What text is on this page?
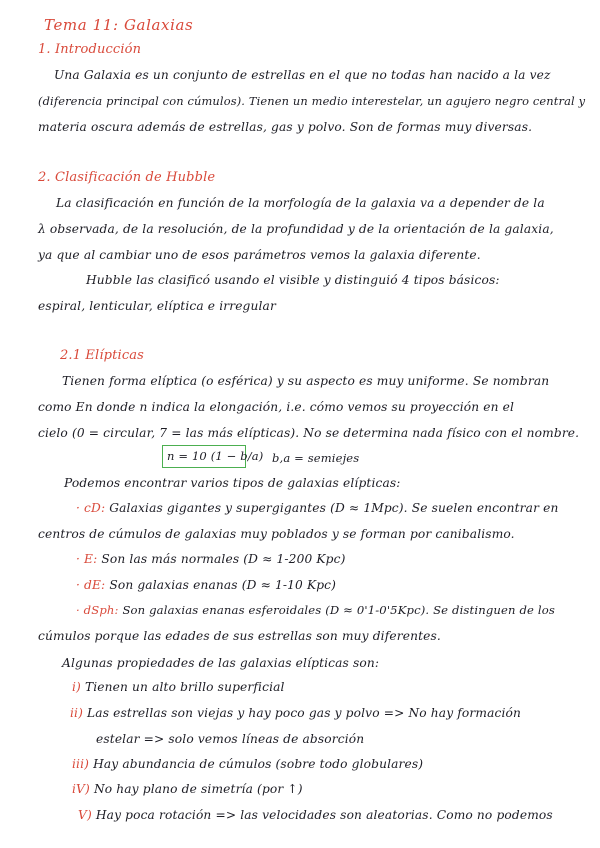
Tema 11: Galaxias
1. Introducción
Una Galaxia es un conjunto de estrellas en el que no todas han nacido a la vez
(diferencia principal con cúmulos). Tienen un medio interestelar, un agujero negro central y
materia oscura además de estrellas, gas y polvo. Son de formas muy diversas.
2. Clasificación de Hubble
La clasificación en función de la morfología de la galaxia va a depender de la
λ observada, de la resolución, de la profundidad y de la orientación de la galaxia,
ya que al cambiar uno de esos parámetros vemos la galaxia diferente.
Hubble las clasificó usando el visible y distinguió 4 tipos básicos:
espiral, lenticular, elíptica e irregular
2.1 Elípticas
Tienen forma elíptica (o esférica) y su aspecto es muy uniforme. Se nombran
como En donde n indica la elongación, i.e. cómo vemos su proyección en el
cielo (0 = circular, 7 = las más elípticas). No se determina nada físico con el nombre.
n = 10 (1 − b/a) b,a = semiejes
Podemos encontrar varios tipos de galaxias elípticas:
· cD: Galaxias gigantes y supergigantes (D ≈ 1Mpc). Se suelen encontrar en
centros de cúmulos de galaxias muy poblados y se forman por canibalismo.
· E: Son las más normales (D ≈ 1-200 Kpc)
· dE: Son galaxias enanas (D ≈ 1-10 Kpc)
· dSph: Son galaxias enanas esferoidales (D ≈ 0'1-0'5Kpc). Se distinguen de los
cúmulos porque las edades de sus estrellas son muy diferentes.
Algunas propiedades de las galaxias elípticas son:
i) Tienen un alto brillo superficial
ii) Las estrellas son viejas y hay poco gas y polvo => No hay formación
estelar => solo vemos líneas de absorción
iii) Hay abundancia de cúmulos (sobre todo globulares)
iV) No hay plano de simetría (por ↑)
V) Hay poca rotación => las velocidades son aleatorias. Como no podemos
